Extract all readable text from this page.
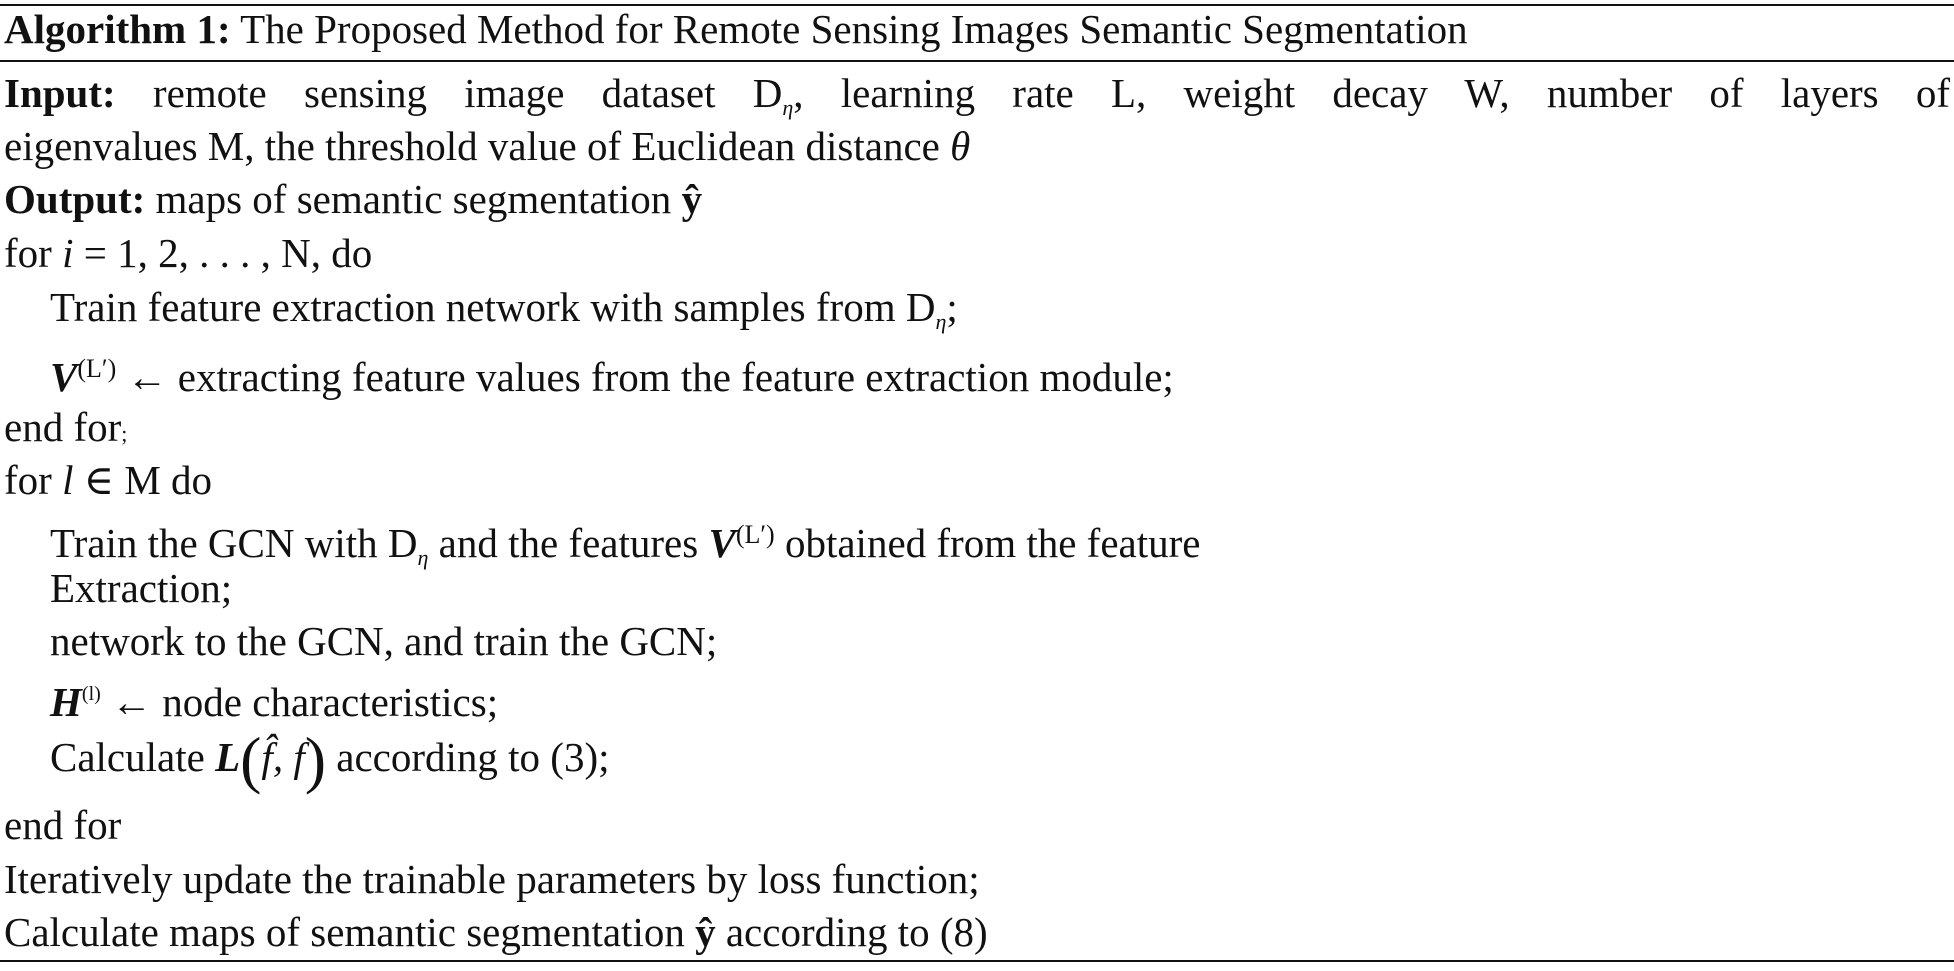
Algorithm 1: The Proposed Method for Remote Sensing Images Semantic Segmentation
Input: remote sensing image dataset $D_\eta$, learning rate L, weight decay W, number of layers of
eigenvalues M, the threshold value of Euclidean distance θ
Output: maps of semantic segmentation ŷ
for i = 1, 2, . . . , N, do
Train feature extraction network with samples from $D_\eta$;
$V^{(L')}$ ← extracting feature values from the feature extraction module;
end for;
for l ∈ M do
Train the GCN with $D_\eta$ and the features $V^{(L')}$ obtained from the feature
Extraction;
network to the GCN, and train the GCN;
$H^{(l)}$ ← node characteristics;
Calculate L(f̂, f) according to (3);
end for
Iteratively update the trainable parameters by loss function;
Calculate maps of semantic segmentation ŷ according to (8)
